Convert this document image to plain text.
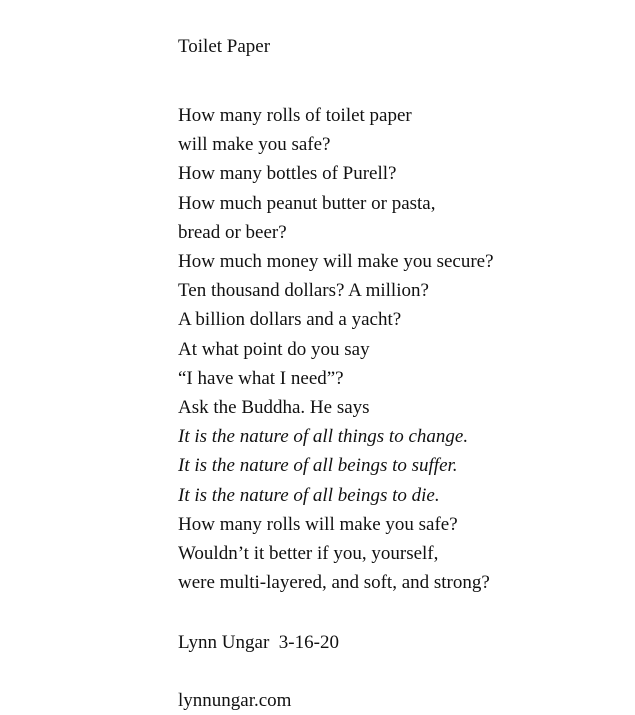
Toilet Paper

How many rolls of toilet paper

will make you safe?

How many bottles of Purell?

How much peanut butter or pasta,

bread or beer?

How much money will make you secure?

Ten thousand dollars? A million?

A billion dollars and a yacht?

At what point do you say

“I have what I need”?

Ask the Buddha. He says

It is the nature of all things to change.

It is the nature of all beings to suffer.

It is the nature of all beings to die.

How many rolls will make you safe?

Wouldn’t it better if you, yourself,

were multi-layered, and soft, and strong?

Lynn Ungar  3-16-20
lynnungar.com
